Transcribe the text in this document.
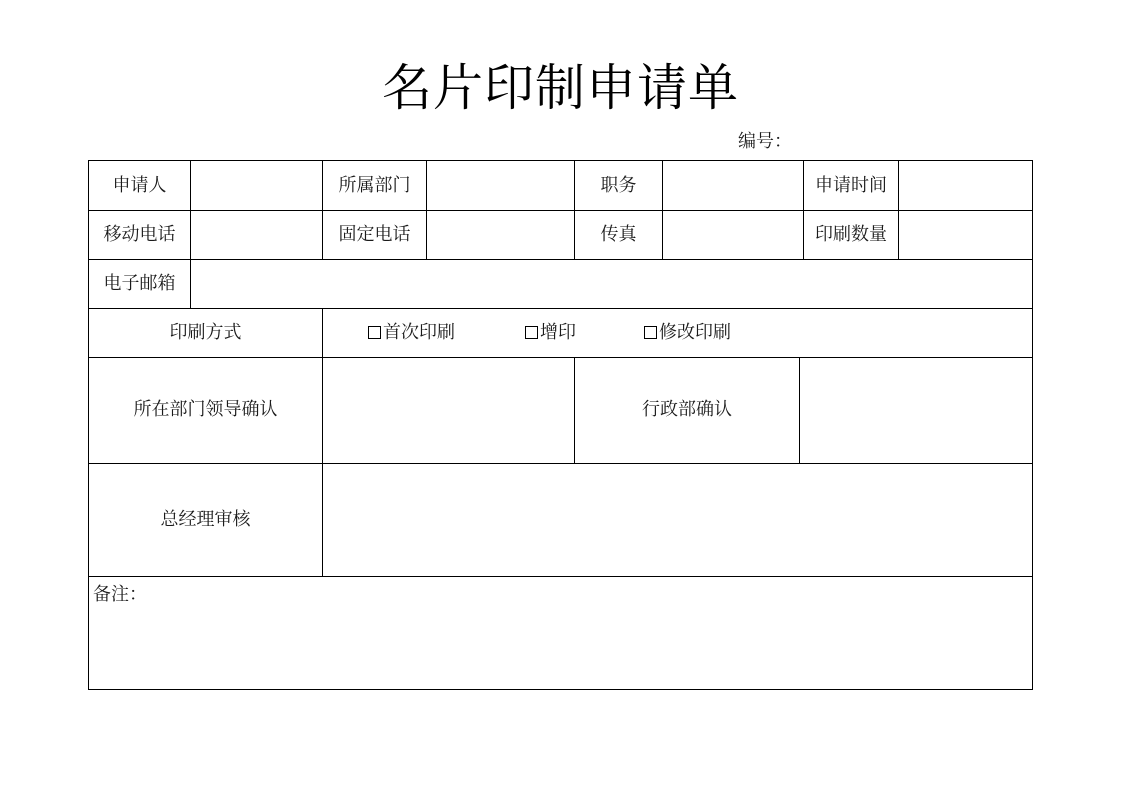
名片印制申请单
编号：
申请人	所属部门	职务	申请时间
移动电话	固定电话	传真	印刷数量
电子邮箱
印刷方式	首次印刷	增印	修改印刷
所在部门领导确认	行政部确认
总经理审核
备注：
